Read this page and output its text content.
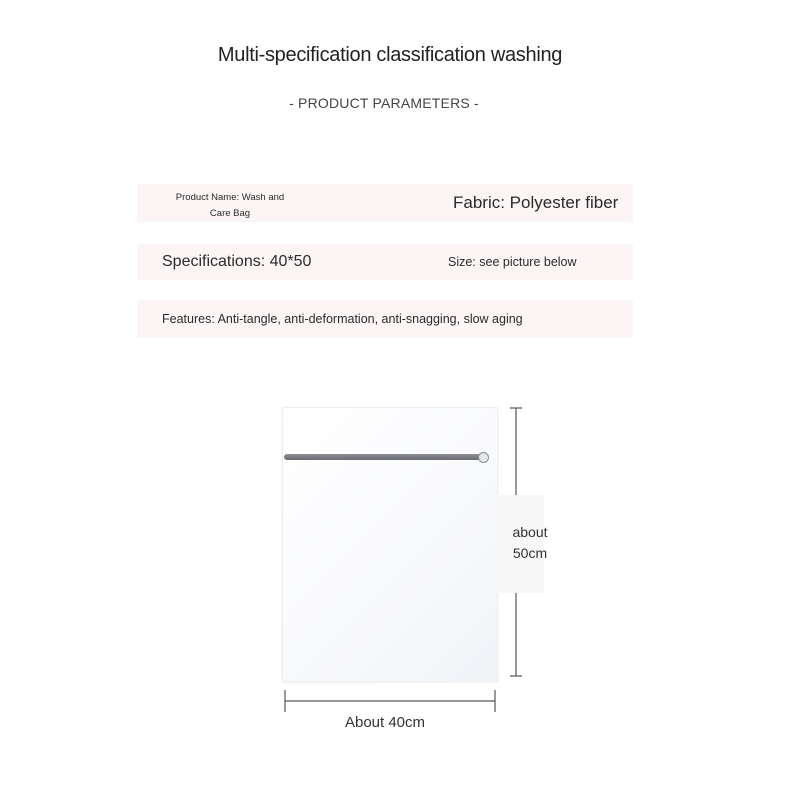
Multi-specification classification washing
- PRODUCT PARAMETERS -
Product Name: Wash and Care Bag
Fabric: Polyester fiber
Specifications: 40*50	Size: see picture below
Features: Anti-tangle, anti-deformation, anti-snagging, slow aging
about 50cm
About 40cm
